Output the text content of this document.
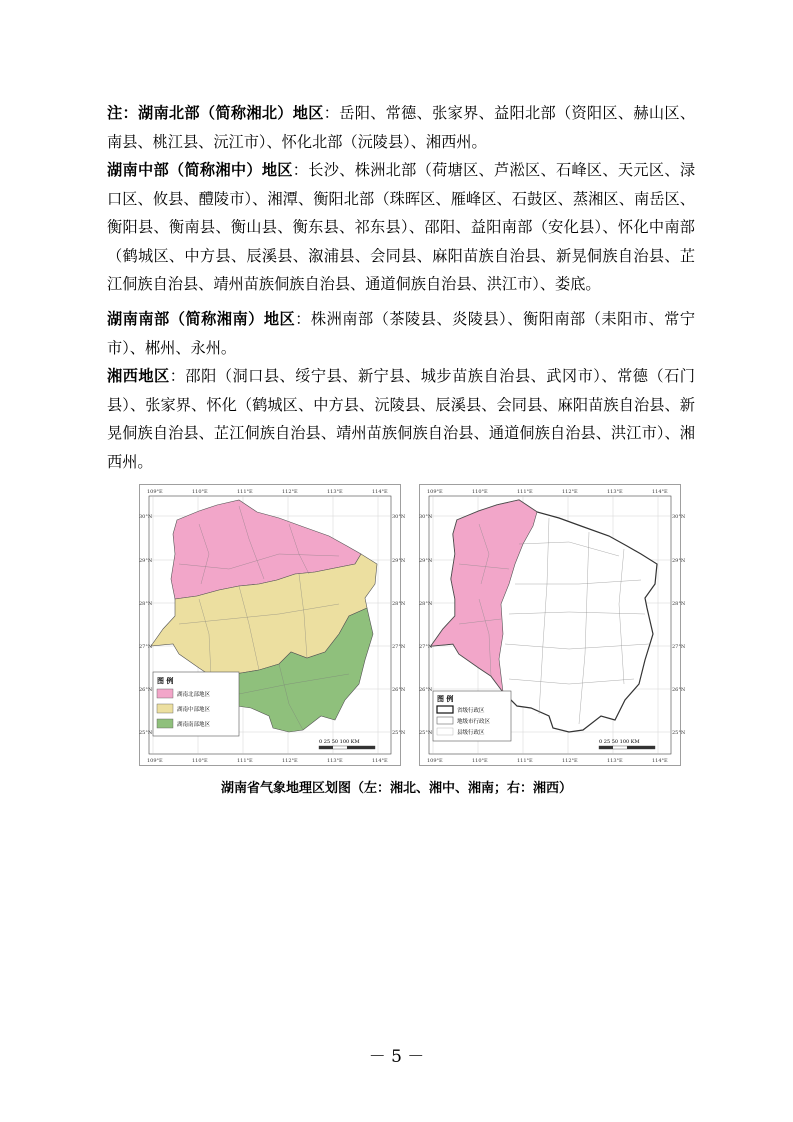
注：湖南北部（简称湘北）地区：岳阳、常德、张家界、益阳北部（资阳区、赫山区、南县、桃江县、沅江市）、怀化北部（沅陵县）、湘西州。

湖南中部（简称湘中）地区：长沙、株洲北部（荷塘区、芦淞区、石峰区、天元区、渌口区、攸县、醴陵市）、湘潭、衡阳北部（珠晖区、雁峰区、石鼓区、蒸湘区、南岳区、衡阳县、衡南县、衡山县、衡东县、祁东县）、邵阳、益阳南部（安化县）、怀化中南部（鹤城区、中方县、辰溪县、溆浦县、会同县、麻阳苗族自治县、新晃侗族自治县、芷江侗族自治县、靖州苗族侗族自治县、通道侗族自治县、洪江市）、娄底。

湖南南部（简称湘南）地区：株洲南部（茶陵县、炎陵县）、衡阳南部（耒阳市、常宁市）、郴州、永州。

湘西地区：邵阳（洞口县、绥宁县、新宁县、城步苗族自治县、武冈市）、常德（石门县）、张家界、怀化（鹤城区、中方县、沅陵县、辰溪县、会同县、麻阳苗族自治县、新晃侗族自治县、芷江侗族自治县、靖州苗族侗族自治县、通道侗族自治县、洪江市）、湘西州。

109°E	110°E	111°E	112°E	113°E	114°E
109°E	110°E	111°E	112°E	113°E	114°E
30°N
29°N
28°N
27°N
26°N
25°N
30°N
29°N
28°N
27°N
26°N
25°N
图 例
湖南北部地区
湖南中部地区
湖南南部地区
0 25 50 100 KM
109°E	110°E	111°E	112°E	113°E	114°E
109°E	110°E	111°E	112°E	113°E	114°E
30°N
29°N
28°N
27°N
26°N
25°N
30°N
29°N
28°N
27°N
26°N
25°N
图 例
省级行政区
地级市行政区
县级行政区
0 25 50 100 KM
湖南省气象地理区划图（左：湘北、湘中、湘南；右：湘西）
－ 5 －
